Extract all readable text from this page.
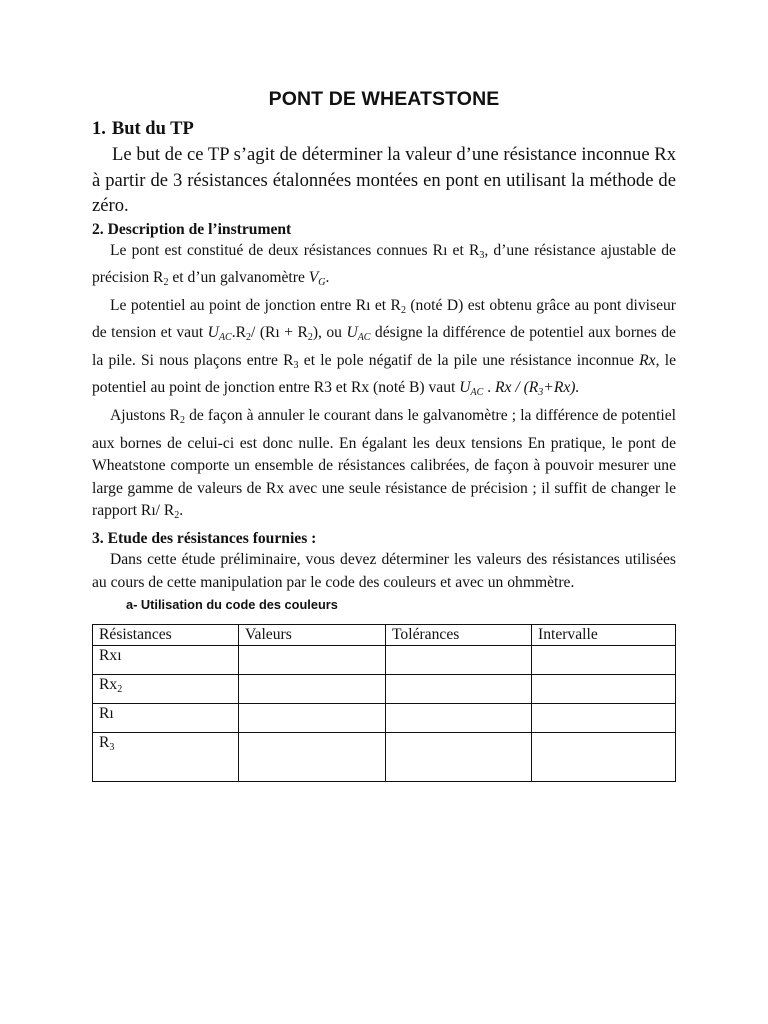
PONT DE WHEATSTONE
1. But du TP

Le but de ce TP s’agit de déterminer la valeur d’une résistance inconnue Rx à partir de 3 résistances étalonnées montées en pont en utilisant la méthode de zéro.

2. Description de l’instrument

Le pont est constitué de deux résistances connues Rı et $R_3$, d’une résistance ajustable de précision $R_2$ et d’un galvanomètre VG.

Le potentiel au point de jonction entre Rı et $R_2$ (noté D) est obtenu grâce au pont diviseur de tension et vaut $UAC.R_2/$ (Rı + $R_2$), ou UAC désigne la différence de potentiel aux bornes de la pile. Si nous plaçons entre $R_3$ et le pole négatif de la pile une résistance inconnue Rx, le potentiel au point de jonction entre R3 et Rx (noté B) vaut UAC . Rx / (R3+Rx).

Ajustons $R_2$ de façon à annuler le courant dans le galvanomètre ; la différence de potentiel aux bornes de celui-ci est donc nulle. En égalant les deux tensions En pratique, le pont de Wheatstone comporte un ensemble de résistances calibrées, de façon à pouvoir mesurer une large gamme de valeurs de Rx avec une seule résistance de précision ; il suffit de changer le rapport Rı/ $R_2$.

3. Etude des résistances fournies :

Dans cette étude préliminaire, vous devez déterminer les valeurs des résistances utilisées au cours de cette manipulation par le code des couleurs et avec un ohmmètre.

a- Utilisation du code des couleurs
Résistances	Valeurs	Tolérances	Intervalle
Rxı			
$Rx_2$			
Rı			
$R_3$			
